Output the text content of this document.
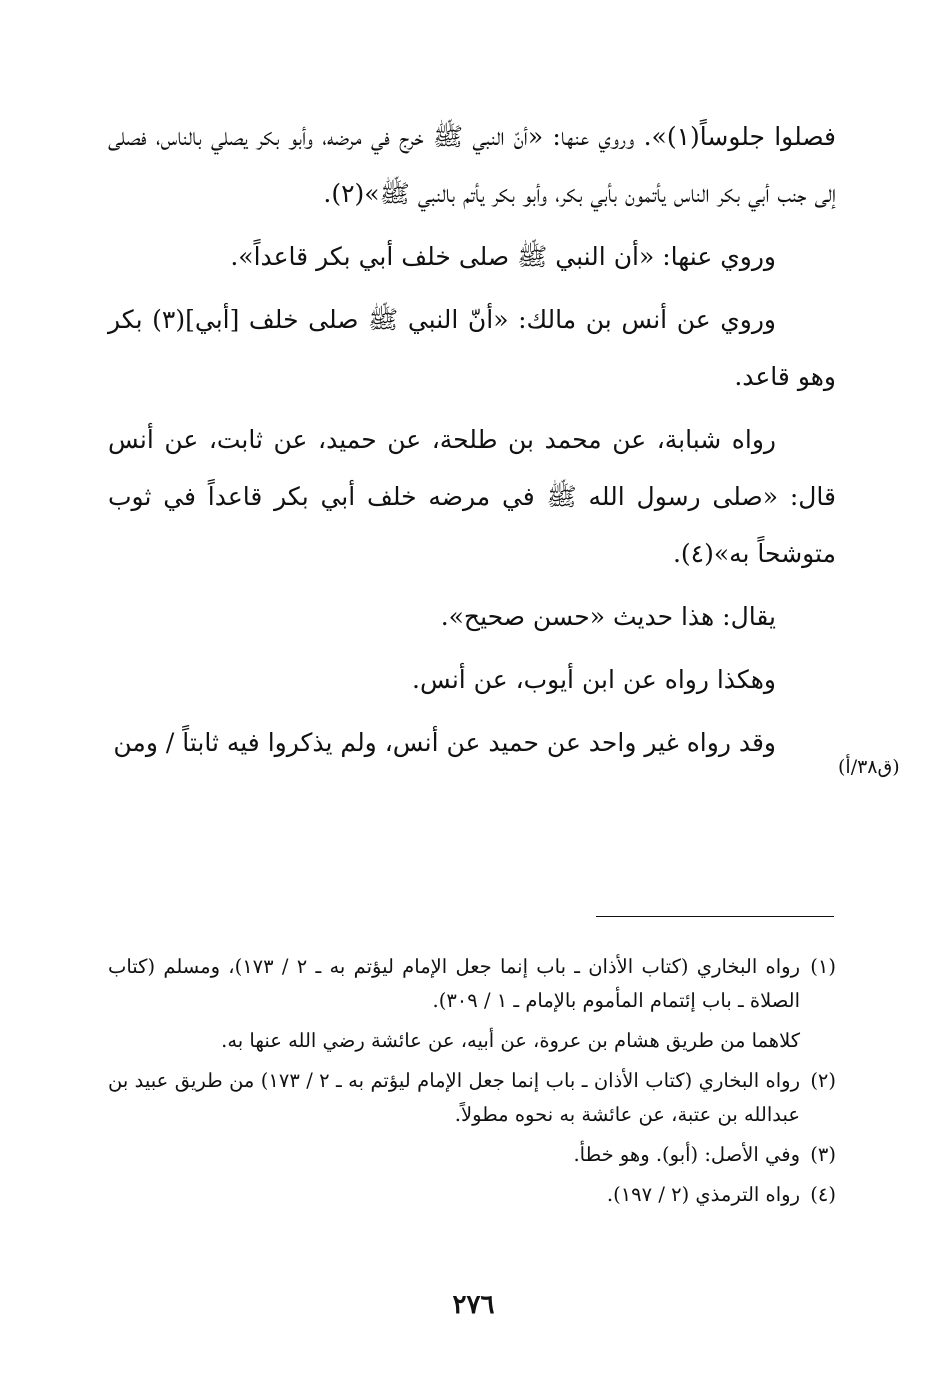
فصلوا جلوساً(١)». وروي عنها: «أنّ النبي ﷺ خرج في مرضه، وأبو بكر يصلي بالناس، فصلى إلى جنب أبي بكر الناس يأتمون بأبي بكر، وأبو بكر يأتم بالنبي ﷺ»(٢).

وروي عنها: «أن النبي ﷺ صلى خلف أبي بكر قاعداً».

وروي عن أنس بن مالك: «أنّ النبي ﷺ صلى خلف [أبي](٣) بكر وهو قاعد.

رواه شبابة، عن محمد بن طلحة، عن حميد، عن ثابت، عن أنس قال: «صلى رسول الله ﷺ في مرضه خلف أبي بكر قاعداً في ثوب متوشحاً به»(٤).

يقال: هذا حديث «حسن صحيح».

وهكذا رواه عن ابن أيوب، عن أنس.

وقد رواه غير واحد عن حميد عن أنس، ولم يذكروا فيه ثابتاً / ومن

(ق٣٨/أ)

(١)رواه البخاري (كتاب الأذان ـ باب إنما جعل الإمام ليؤتم به ـ ٢ / ١٧٣)، ومسلم (كتاب الصلاة ـ باب إئتمام المأموم بالإمام ـ ١ / ٣٠٩).

كلاهما من طريق هشام بن عروة، عن أبيه، عن عائشة رضي الله عنها به.

(٢)رواه البخاري (كتاب الأذان ـ باب إنما جعل الإمام ليؤتم به ـ ٢ / ١٧٣) من طريق عبيد بن عبدالله بن عتبة، عن عائشة به نحوه مطولاً.

(٣)وفي الأصل: (أبو). وهو خطأ.

(٤)رواه الترمذي (٢ / ١٩٧).

٢٧٦
